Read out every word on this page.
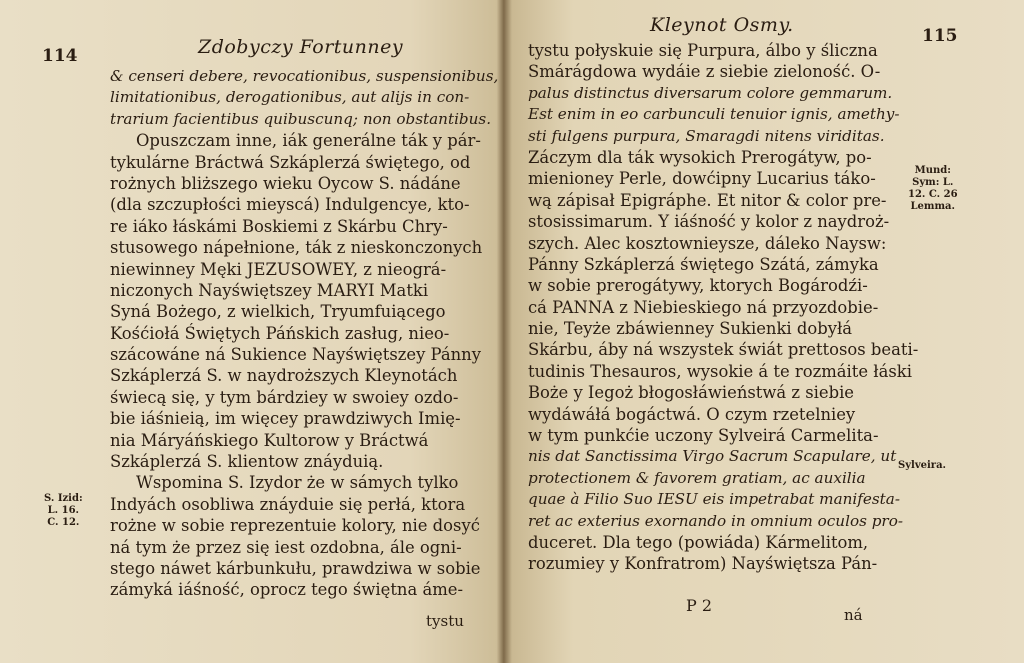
114	Zdobyczy Fortunney
& censeri debere, revocationibus, suspensionibus,
limitationibus, derogationibus, aut alijs in con-
trarium facientibus quibuscunq; non obstantibus.
Opuszczam inne, iák generálne ták y pár-
tykulárne Bráctwá Szkáplerzá świętego, od
rożnych bliższego wieku Oycow S. nádáne
(dla szczupłości mieyscá) Indulgencye, kto-
re iáko łáskámi Boskiemi z Skárbu Chry-
stusowego nápełnione, ták z nieskonczonych
niewinney Męki JEZUSOWEY, z nieográ-
niczonych Nayświętszey MARYI Matki
Syná Bożego, z wielkich, Tryumfuiącego
Kośćiołá Świętych Páńskich zasług, nieo-
szácowáne ná Sukience Nayświętszey Pánny
Szkáplerzá S. w naydroższych Kleynotách
świecą się, y tym bárdziey w swoiey ozdo-
bie iáśnieią, im więcey prawdziwych Imię-
nia Máryáńskiego Kultorow y Bráctwá
Szkáplerzá S. klientow znáyduią.
Wspomina S. Izydor że w sámych tylko
Indyách osobliwa znáyduie się perłá, ktora
rożne w sobie reprezentuie kolory, nie dosyć
ná tym że przez się iest ozdobna, ále ogni-
stego náwet kárbunkułu, prawdziwa w sobie
zámyká iáśność, oprocz tego świętna áme-
S. Izid:
L. 16.
C. 12.
tystu
Kleynot Osmy.	115
tystu połyskuie się Purpura, álbo y śliczna
Smárágdowa wydáie z siebie zieloność. O-
palus distinctus diversarum colore gemmarum.
Est enim in eo carbunculi tenuior ignis, amethy-
sti fulgens purpura, Smaragdi nitens viriditas.
Záczym dla ták wysokich Prerogátyw, po-
mienioney Perle, dowćipny Lucarius táko-
wą zápisał Epigráphe. Et nitor & color pre-
stosissimarum. Y iáśność y kolor z naydroż-
szych. Alec kosztownieysze, dáleko Naysw:
Pánny Szkáplerzá świętego Szátá, zámyka
w sobie prerogátywy, ktorych Bogárodźi-
cá PANNA z Niebieskiego ná przyozdobie-
nie, Teyże zbáwienney Sukienki dobyłá
Skárbu, áby ná wszystek świát prettosos beati-
tudinis Thesauros, wysokie á te rozmáite łáski
Boże y Iegoż błogosłáwieństwá z siebie
wydáwáłá bogáctwá. O czym rzetelniey
w tym punkćie uczony Sylveirá Carmelita-
nis dat Sanctissima Virgo Sacrum Scapulare, ut
protectionem & favorem gratiam, ac auxilia
quae à Filio Suo IESU eis impetrabat manifesta-
ret ac exterius exornando in omnium oculos pro-
duceret. Dla tego (powiáda) Kármelitom,
rozumiey y Konfratrom) Nayświętsza Pán-
Mund:
Sym: L.
12. C. 26
Lemma.
Sylveira.
P 2	ná
